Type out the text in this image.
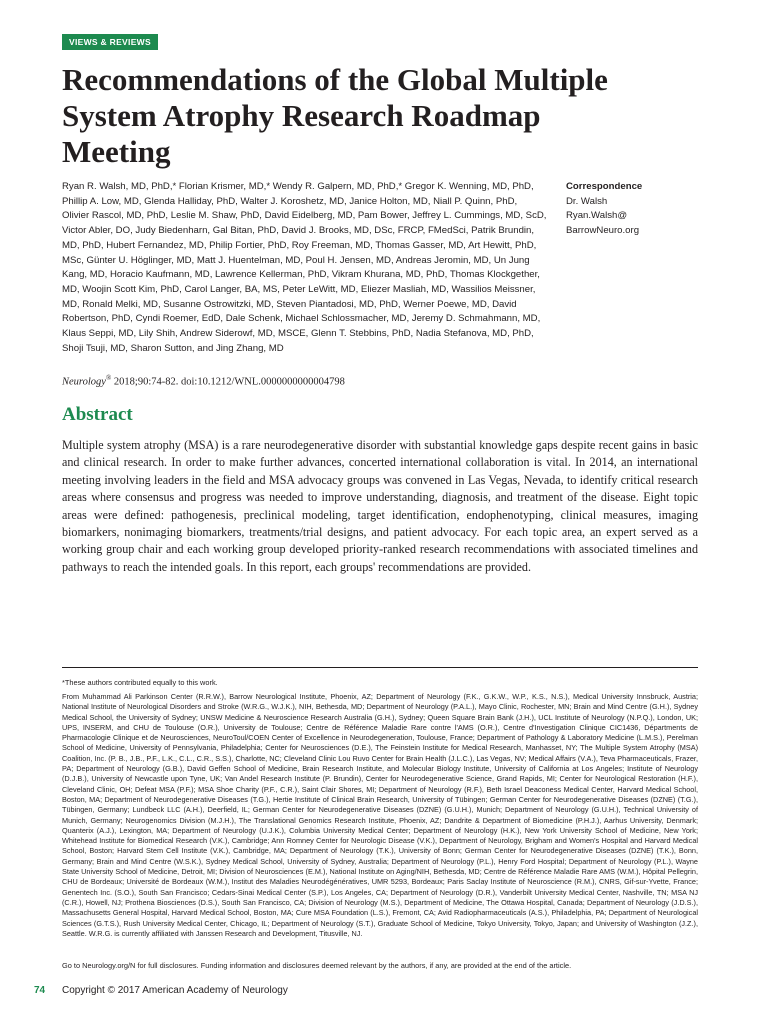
VIEWS & REVIEWS
Recommendations of the Global Multiple System Atrophy Research Roadmap Meeting
Ryan R. Walsh, MD, PhD,* Florian Krismer, MD,* Wendy R. Galpern, MD, PhD,* Gregor K. Wenning, MD, PhD, Phillip A. Low, MD, Glenda Halliday, PhD, Walter J. Koroshetz, MD, Janice Holton, MD, Niall P. Quinn, PhD, Olivier Rascol, MD, PhD, Leslie M. Shaw, PhD, David Eidelberg, MD, Pam Bower, Jeffrey L. Cummings, MD, ScD, Victor Abler, DO, Judy Biedenharn, Gal Bitan, PhD, David J. Brooks, MD, DSc, FRCP, FMedSci, Patrik Brundin, MD, PhD, Hubert Fernandez, MD, Philip Fortier, PhD, Roy Freeman, MD, Thomas Gasser, MD, Art Hewitt, PhD, MSc, Günter U. Höglinger, MD, Matt J. Huentelman, MD, Poul H. Jensen, MD, Andreas Jeromin, MD, Un Jung Kang, MD, Horacio Kaufmann, MD, Lawrence Kellerman, PhD, Vikram Khurana, MD, PhD, Thomas Klockgether, MD, Woojin Scott Kim, PhD, Carol Langer, BA, MS, Peter LeWitt, MD, Eliezer Masliah, MD, Wassilios Meissner, MD, Ronald Melki, MD, Susanne Ostrowitzki, MD, Steven Piantadosi, MD, PhD, Werner Poewe, MD, David Robertson, PhD, Cyndi Roemer, EdD, Dale Schenk, Michael Schlossmacher, MD, Jeremy D. Schmahmann, MD, Klaus Seppi, MD, Lily Shih, Andrew Siderowf, MD, MSCE, Glenn T. Stebbins, PhD, Nadia Stefanova, MD, PhD, Shoji Tsuji, MD, Sharon Sutton, and Jing Zhang, MD
Correspondence
Dr. Walsh
Ryan.Walsh@
BarrowNeuro.org
Neurology® 2018;90:74-82. doi:10.1212/WNL.0000000000004798
Abstract

Multiple system atrophy (MSA) is a rare neurodegenerative disorder with substantial knowledge gaps despite recent gains in basic and clinical research. In order to make further advances, concerted international collaboration is vital. In 2014, an international meeting involving leaders in the field and MSA advocacy groups was convened in Las Vegas, Nevada, to identify critical research areas where consensus and progress was needed to improve understanding, diagnosis, and treatment of the disease. Eight topic areas were defined: pathogenesis, preclinical modeling, target identification, endophenotyping, clinical measures, imaging biomarkers, nonimaging biomarkers, treatments/trial designs, and patient advocacy. For each topic area, an expert served as a working group chair and each working group developed priority-ranked research recommendations with associated timelines and pathways to reach the intended goals. In this report, each groups' recommendations are provided.

*These authors contributed equally to this work.

From Muhammad Ali Parkinson Center (R.R.W.), Barrow Neurological Institute, Phoenix, AZ; Department of Neurology (F.K., G.K.W., W.P., K.S., N.S.), Medical University Innsbruck, Austria; National Institute of Neurological Disorders and Stroke (W.R.G., W.J.K.), NIH, Bethesda, MD; Department of Neurology (P.A.L.), Mayo Clinic, Rochester, MN; Brain and Mind Centre (G.H.), Sydney Medical School, the University of Sydney; UNSW Medicine & Neuroscience Research Australia (G.H.), Sydney; Queen Square Brain Bank (J.H.), UCL Institute of Neurology (N.P.Q.), London, UK; UPS, INSERM, and CHU de Toulouse (O.R.), University de Toulouse; Centre de Référence Maladie Rare contre l'AMS (O.R.), Centre d'Investigation Clinique CIC1436, Départments de Pharmacologie Clinique et de Neurosciences, NeuroToul/COEN Center of Excellence in Neurodegeneration, Toulouse, France; Department of Pathology & Laboratory Medicine (L.M.S.), Perelman School of Medicine, University of Pennsylvania, Philadelphia; Center for Neurosciences (D.E.), The Feinstein Institute for Medical Research, Manhasset, NY; The Multiple System Atrophy (MSA) Coalition, Inc. (P. B., J.B., P.F., L.K., C.L., C.R., S.S.), Charlotte, NC; Cleveland Clinic Lou Ruvo Center for Brain Health (J.L.C.), Las Vegas, NV; Medical Affairs (V.A.), Teva Pharmaceuticals, Frazer, PA; Department of Neurology (G.B.), David Geffen School of Medicine, Brain Research Institute, and Molecular Biology Institute, University of California at Los Angeles; Institute of Neurology (D.J.B.), University of Newcastle upon Tyne, UK; Van Andel Research Institute (P. Brundin), Center for Neurodegenerative Science, Grand Rapids, MI; Center for Neurological Restoration (H.F.), Cleveland Clinic, OH; Defeat MSA (P.F.); MSA Shoe Charity (P.F., C.R.), Saint Clair Shores, MI; Department of Neurology (R.F.), Beth Israel Deaconess Medical Center, Harvard Medical School, Boston, MA; Department of Neurodegenerative Diseases (T.G.), Hertie Institute of Clinical Brain Research, University of Tübingen; German Center for Neurodegenerative Diseases (DZNE) (T.G.), Tübingen, Germany; Lundbeck LLC (A.H.), Deerfield, IL; German Center for Neurodegenerative Diseases (DZNE) (G.U.H.), Munich; Department of Neurology (G.U.H.), Technical University of Munich, Germany; Neurogenomics Division (M.J.H.), The Translational Genomics Research Institute, Phoenix, AZ; Dandrite & Department of Biomedicine (P.H.J.), Aarhus University, Denmark; Quanterix (A.J.), Lexington, MA; Department of Neurology (U.J.K.), Columbia University Medical Center; Department of Neurology (H.K.), New York University School of Medicine, New York; Whitehead Institute for Biomedical Research (V.K.), Cambridge; Ann Romney Center for Neurologic Disease (V.K.), Department of Neurology, Brigham and Women's Hospital and Harvard Medical School, Boston; Harvard Stem Cell Institute (V.K.), Cambridge, MA; Department of Neurology (T.K.), University of Bonn; German Center for Neurodegenerative Diseases (DZNE) (T.K.), Bonn, Germany; Brain and Mind Centre (W.S.K.), Sydney Medical School, University of Sydney, Australia; Department of Neurology (P.L.), Henry Ford Hospital; Department of Neurology (P.L.), Wayne State University School of Medicine, Detroit, MI; Division of Neurosciences (E.M.), National Institute on Aging/NIH, Bethesda, MD; Centre de Référence Maladie Rare AMS (W.M.), Hôpital Pellegrin, CHU de Bordeaux; Université de Bordeaux (W.M.), Institut des Maladies Neurodégénératives, UMR 5293, Bordeaux; Paris Saclay Institute of Neuroscience (R.M.), CNRS, Gif-sur-Yvette, France; Genentech Inc. (S.O.), South San Francisco; Cedars-Sinai Medical Center (S.P.), Los Angeles, CA; Department of Neurology (D.R.), Vanderbilt University Medical Center, Nashville, TN; MSA NJ (C.R.), Howell, NJ; Prothena Biosciences (D.S.), South San Francisco, CA; Division of Neurology (M.S.), Department of Medicine, The Ottawa Hospital, Canada; Department of Neurology (J.D.S.), Massachusetts General Hospital, Harvard Medical School, Boston, MA; Cure MSA Foundation (L.S.), Fremont, CA; Avid Radiopharmaceuticals (A.S.), Philadelphia, PA; Department of Neurological Sciences (G.T.S.), Rush University Medical Center, Chicago, IL; Department of Neurology (S.T.), Graduate School of Medicine, Tokyo University, Tokyo, Japan; and University of Washington (J.Z.), Seattle. W.R.G. is currently affiliated with Janssen Research and Development, Titusville, NJ.

Go to Neurology.org/N for full disclosures. Funding information and disclosures deemed relevant by the authors, if any, are provided at the end of the article.
74 Copyright © 2017 American Academy of Neurology
